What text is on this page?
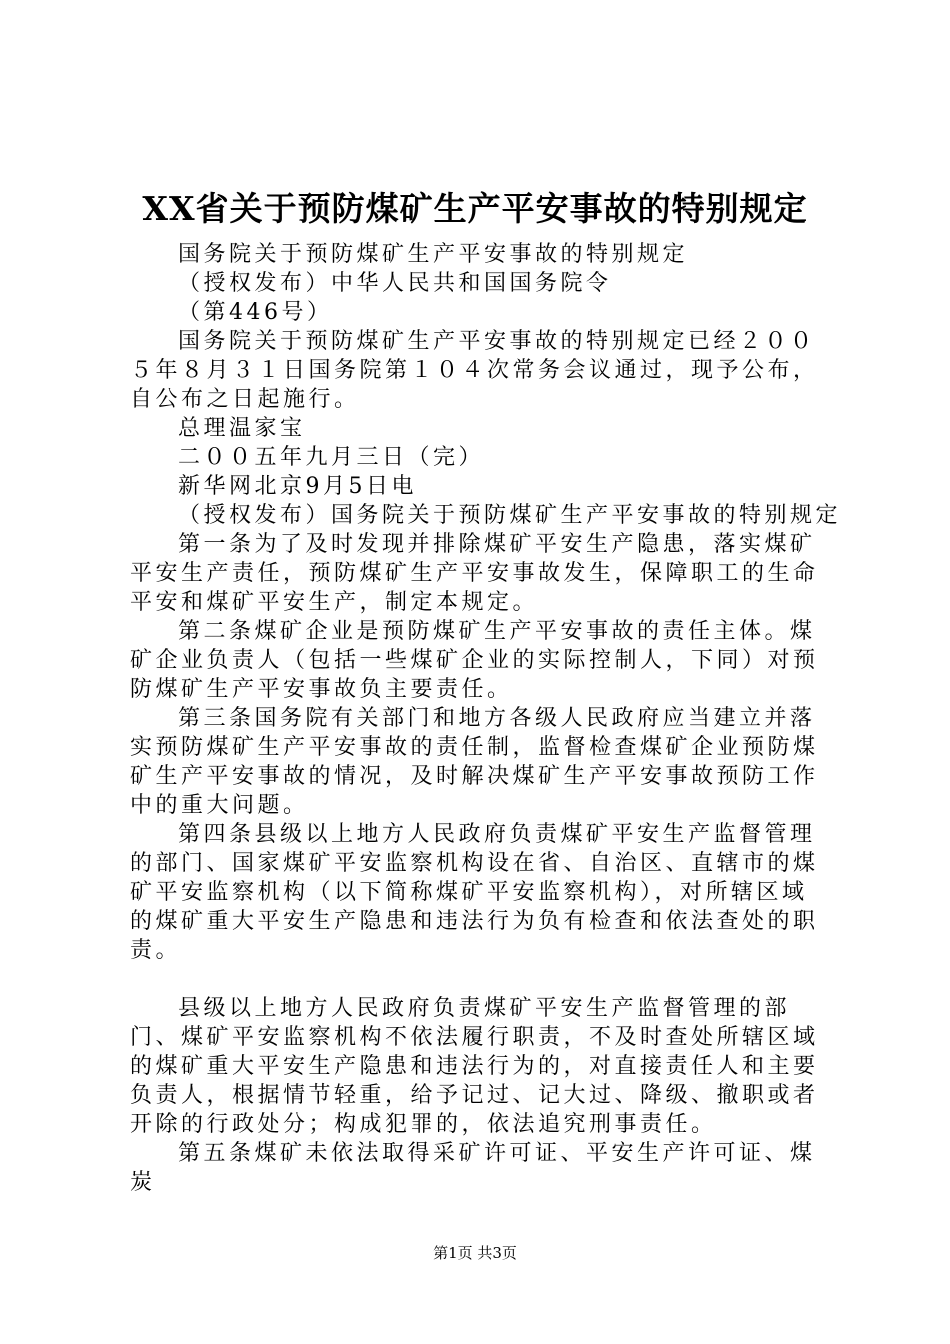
XX省关于预防煤矿生产平安事故的特别规定

国务院关于预防煤矿生产平安事故的特别规定

（授权发布）中华人民共和国国务院令

（第446号）

国务院关于预防煤矿生产平安事故的特别规定已经２００５年８月３１日国务院第１０４次常务会议通过，现予公布，自公布之日起施行。

总理温家宝

二００五年九月三日（完）

新华网北京9月5日电

（授权发布）国务院关于预防煤矿生产平安事故的特别规定

第一条为了及时发现并排除煤矿平安生产隐患，落实煤矿平安生产责任，预防煤矿生产平安事故发生，保障职工的生命平安和煤矿平安生产，制定本规定。

第二条煤矿企业是预防煤矿生产平安事故的责任主体。煤矿企业负责人（包括一些煤矿企业的实际控制人，下同）对预防煤矿生产平安事故负主要责任。

第三条国务院有关部门和地方各级人民政府应当建立并落实预防煤矿生产平安事故的责任制，监督检查煤矿企业预防煤矿生产平安事故的情况，及时解决煤矿生产平安事故预防工作中的重大问题。

第四条县级以上地方人民政府负责煤矿平安生产监督管理的部门、国家煤矿平安监察机构设在省、自治区、直辖市的煤矿平安监察机构（以下简称煤矿平安监察机构），对所辖区域的煤矿重大平安生产隐患和违法行为负有检查和依法查处的职责。

县级以上地方人民政府负责煤矿平安生产监督管理的部门、煤矿平安监察机构不依法履行职责，不及时查处所辖区域的煤矿重大平安生产隐患和违法行为的，对直接责任人和主要负责人，根据情节轻重，给予记过、记大过、降级、撤职或者开除的行政处分；构成犯罪的，依法追究刑事责任。

第五条煤矿未依法取得采矿许可证、平安生产许可证、煤炭

第1页 共3页
